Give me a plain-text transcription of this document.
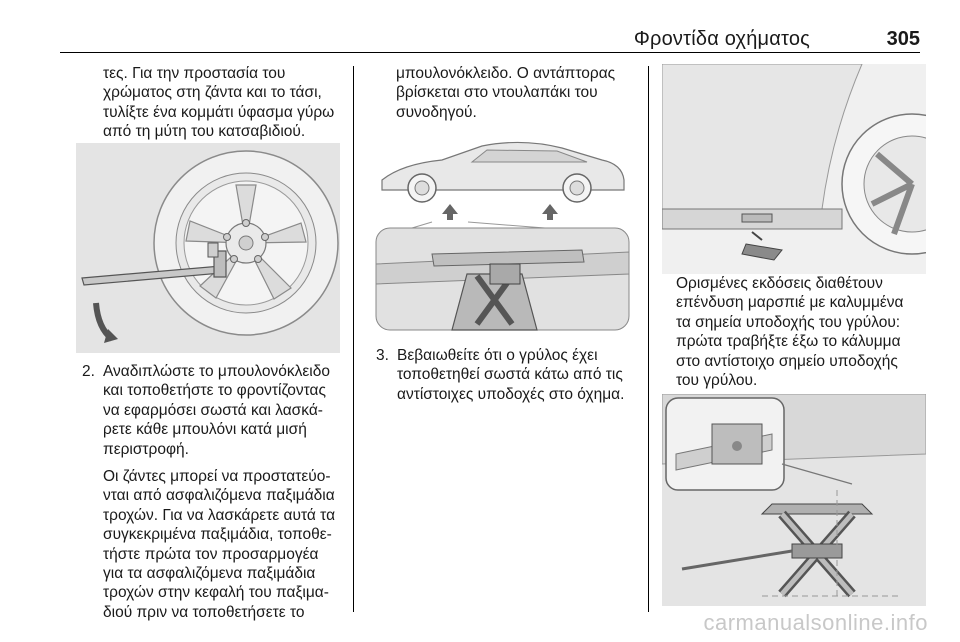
Φροντίδα οχήματος	305

τες. Για την προστασία του

χρώματος στη ζάντα και το τάσι,

τυλίξτε ένα κομμάτι ύφασμα γύρω

από τη μύτη του κατσαβιδιού.

2. Αναδιπλώστε το μπουλονόκλειδο

και τοποθετήστε το φροντίζοντας

να εφαρμόσει σωστά και λασκά-

ρετε κάθε μπουλόνι κατά μισή

περιστροφή.

Οι ζάντες μπορεί να προστατεύο-

νται από ασφαλιζόμενα παξιμάδια

τροχών. Για να λασκάρετε αυτά τα

συγκεκριμένα παξιμάδια, τοποθε-

τήστε πρώτα τον προσαρμογέα

για τα ασφαλιζόμενα παξιμάδια

τροχών στην κεφαλή του παξιμα-

διού πριν να τοποθετήσετε το

μπουλονόκλειδο. Ο αντάπτορας

βρίσκεται στο ντουλαπάκι του

συνοδηγού.

3. Βεβαιωθείτε ότι ο γρύλος έχει

τοποθετηθεί σωστά κάτω από τις

αντίστοιχες υποδοχές στο όχημα.

Ορισμένες εκδόσεις διαθέτουν

επένδυση μαρσπιέ με καλυμμένα

τα σημεία υποδοχής του γρύλου:

πρώτα τραβήξτε έξω το κάλυμμα

στο αντίστοιχο σημείο υποδοχής

του γρύλου.

carmanualsonline.info
